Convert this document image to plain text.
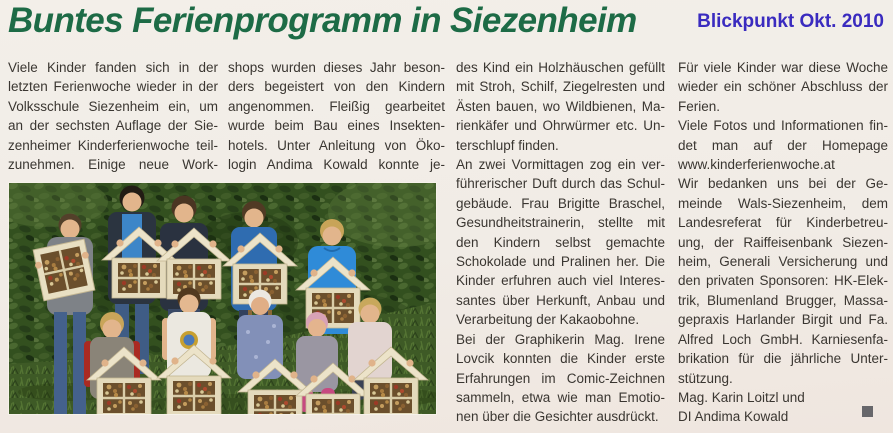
Buntes Ferienprogramm in Siezenheim	Blickpunkt Okt. 2010
Viele Kinder fanden sich in der
letzten Ferienwoche wieder in der
Volksschule Siezenheim ein, um
an der sechsten Auflage der Sie-
zenheimer Kinderferienwoche teil-
zunehmen. Einige neue Work-
shops wurden dieses Jahr beson-
ders begeistert von den Kindern
angenommen. Fleißig gearbeitet
wurde beim Bau eines Insekten-
hotels. Unter Anleitung von Öko-
login Andima Kowald konnte je-
des Kind ein Holzhäuschen gefüllt
mit Stroh, Schilf, Ziegelresten und
Ästen bauen, wo Wildbienen, Ma-
rienkäfer und Ohrwürmer etc. Un-
terschlupf finden.
An zwei Vormittagen zog ein ver-
führerischer Duft durch das Schul-
gebäude. Frau Brigitte Braschel,
Gesundheitstrainerin, stellte mit
den Kindern selbst gemachte
Schokolade und Pralinen her. Die
Kinder erfuhren auch viel Interes-
santes über Herkunft, Anbau und
Verarbeitung der Kakaobohne.
Bei der Graphikerin Mag. Irene
Lovcik konnten die Kinder erste
Erfahrungen im Comic-Zeichnen
sammeln, etwa wie man Emotio-
nen über die Gesichter ausdrückt.
Für viele Kinder war diese Woche
wieder ein schöner Abschluss der
Ferien.
Viele Fotos und Informationen fin-
det man auf der Homepage
www.kinderferienwoche.at
Wir bedanken uns bei der Ge-
meinde Wals-Siezenheim, dem
Landesreferat für Kinderbetreu-
ung, der Raiffeisenbank Siezen-
heim, Generali Versicherung und
den privaten Sponsoren: HK-Elek-
trik, Blumenland Brugger, Massa-
gepraxis Harlander Birgit und Fa.
Alfred Loch GmbH. Karniesenfa-
brikation für die jährliche Unter-
stützung.
Mag. Karin Loitzl und
DI Andima Kowald
